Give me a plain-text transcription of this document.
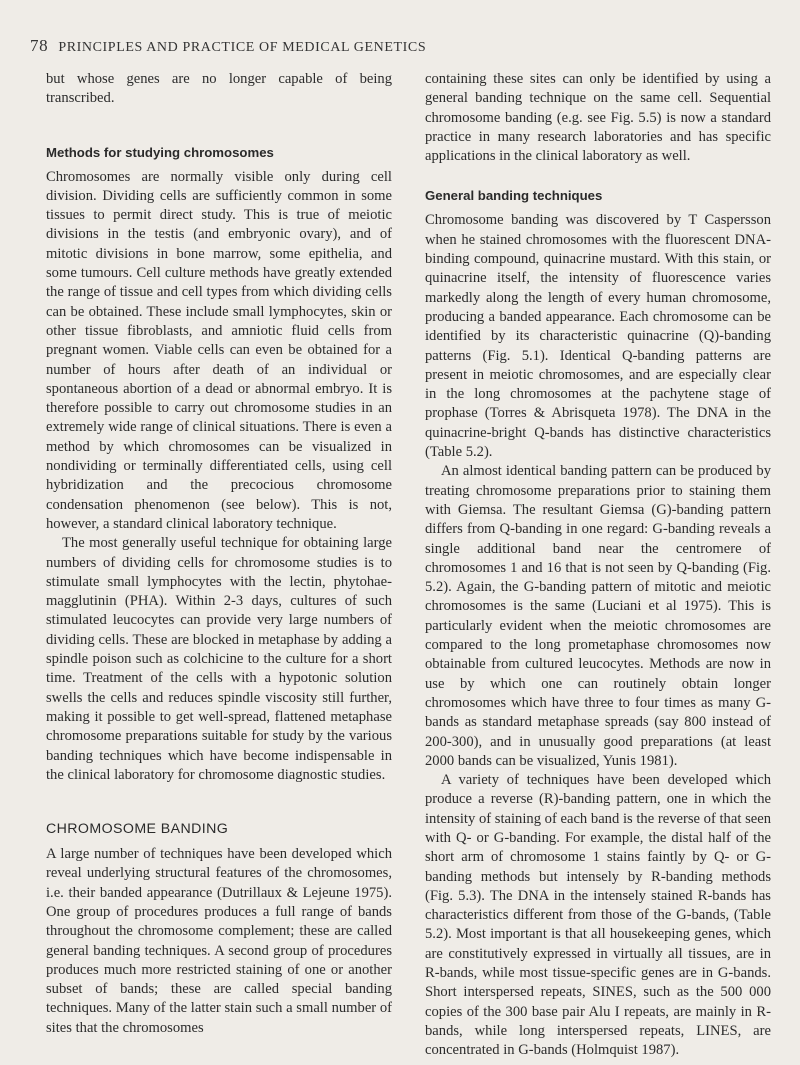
78 PRINCIPLES AND PRACTICE OF MEDICAL GENETICS

but whose genes are no longer capable of being transcribed.

Methods for studying chromosomes

Chromosomes are normally visible only during cell division. Dividing cells are sufficiently common in some tissues to permit direct study. This is true of meiotic divisions in the testis (and embryonic ovary), and of mitotic divisions in bone marrow, some epithelia, and some tumours. Cell culture methods have greatly extended the range of tissue and cell types from which dividing cells can be obtained. These include small lymphocytes, skin or other tissue fibroblasts, and amniotic fluid cells from pregnant women. Viable cells can even be obtained for a number of hours after death of an individual or spontaneous abortion of a dead or abnormal embryo. It is therefore possible to carry out chromosome studies in an extremely wide range of clinical situations. There is even a method by which chromosomes can be visualized in nondividing or terminally differentiated cells, using cell hybridization and the precocious chromosome condensation phenomenon (see below). This is not, however, a standard clinical laboratory technique.

The most generally useful technique for obtaining large numbers of dividing cells for chromosome studies is to stimulate small lymphocytes with the lectin, phytohaemagglutinin (PHA). Within 2-3 days, cultures of such stimulated leucocytes can provide very large numbers of dividing cells. These are blocked in metaphase by adding a spindle poison such as colchicine to the culture for a short time. Treatment of the cells with a hypotonic solution swells the cells and reduces spindle viscosity still further, making it possible to get well-spread, flattened metaphase chromosome preparations suitable for study by the various banding techniques which have become indispensable in the clinical laboratory for chromosome diagnostic studies.

CHROMOSOME BANDING

A large number of techniques have been developed which reveal underlying structural features of the chromosomes, i.e. their banded appearance (Dutrillaux & Lejeune 1975). One group of procedures produces a full range of bands throughout the chromosome complement; these are called general banding techniques. A second group of procedures produces much more restricted staining of one or another subset of bands; these are called special banding techniques. Many of the latter stain such a small number of sites that the chromosomes

containing these sites can only be identified by using a general banding technique on the same cell. Sequential chromosome banding (e.g. see Fig. 5.5) is now a standard practice in many research laboratories and has specific applications in the clinical laboratory as well.

General banding techniques

Chromosome banding was discovered by T Caspersson when he stained chromosomes with the fluorescent DNA-binding compound, quinacrine mustard. With this stain, or quinacrine itself, the intensity of fluorescence varies markedly along the length of every human chromosome, producing a banded appearance. Each chromosome can be identified by its characteristic quinacrine (Q)-banding patterns (Fig. 5.1). Identical Q-banding patterns are present in meiotic chromosomes, and are especially clear in the long chromosomes at the pachytene stage of prophase (Torres & Abrisqueta 1978). The DNA in the quinacrine-bright Q-bands has distinctive characteristics (Table 5.2).

An almost identical banding pattern can be produced by treating chromosome preparations prior to staining them with Giemsa. The resultant Giemsa (G)-banding pattern differs from Q-banding in one regard: G-banding reveals a single additional band near the centromere of chromosomes 1 and 16 that is not seen by Q-banding (Fig. 5.2). Again, the G-banding pattern of mitotic and meiotic chromosomes is the same (Luciani et al 1975). This is particularly evident when the meiotic chromosomes are compared to the long prometaphase chromosomes now obtainable from cultured leucocytes. Methods are now in use by which one can routinely obtain longer chromosomes which have three to four times as many G-bands as standard metaphase spreads (say 800 instead of 200-300), and in unusually good preparations (at least 2000 bands can be visualized, Yunis 1981).

A variety of techniques have been developed which produce a reverse (R)-banding pattern, one in which the intensity of staining of each band is the reverse of that seen with Q- or G-banding. For example, the distal half of the short arm of chromosome 1 stains faintly by Q- or G-banding methods but intensely by R-banding methods (Fig. 5.3). The DNA in the intensely stained R-bands has characteristics different from those of the G-bands, (Table 5.2). Most important is that all housekeeping genes, which are constitutively expressed in virtually all tissues, are in R-bands, while most tissue-specific genes are in G-bands. Short interspersed repeats, SINES, such as the 500 000 copies of the 300 base pair Alu I repeats, are mainly in R-bands, while long interspersed repeats, LINES, are concentrated in G-bands (Holmquist 1987).
